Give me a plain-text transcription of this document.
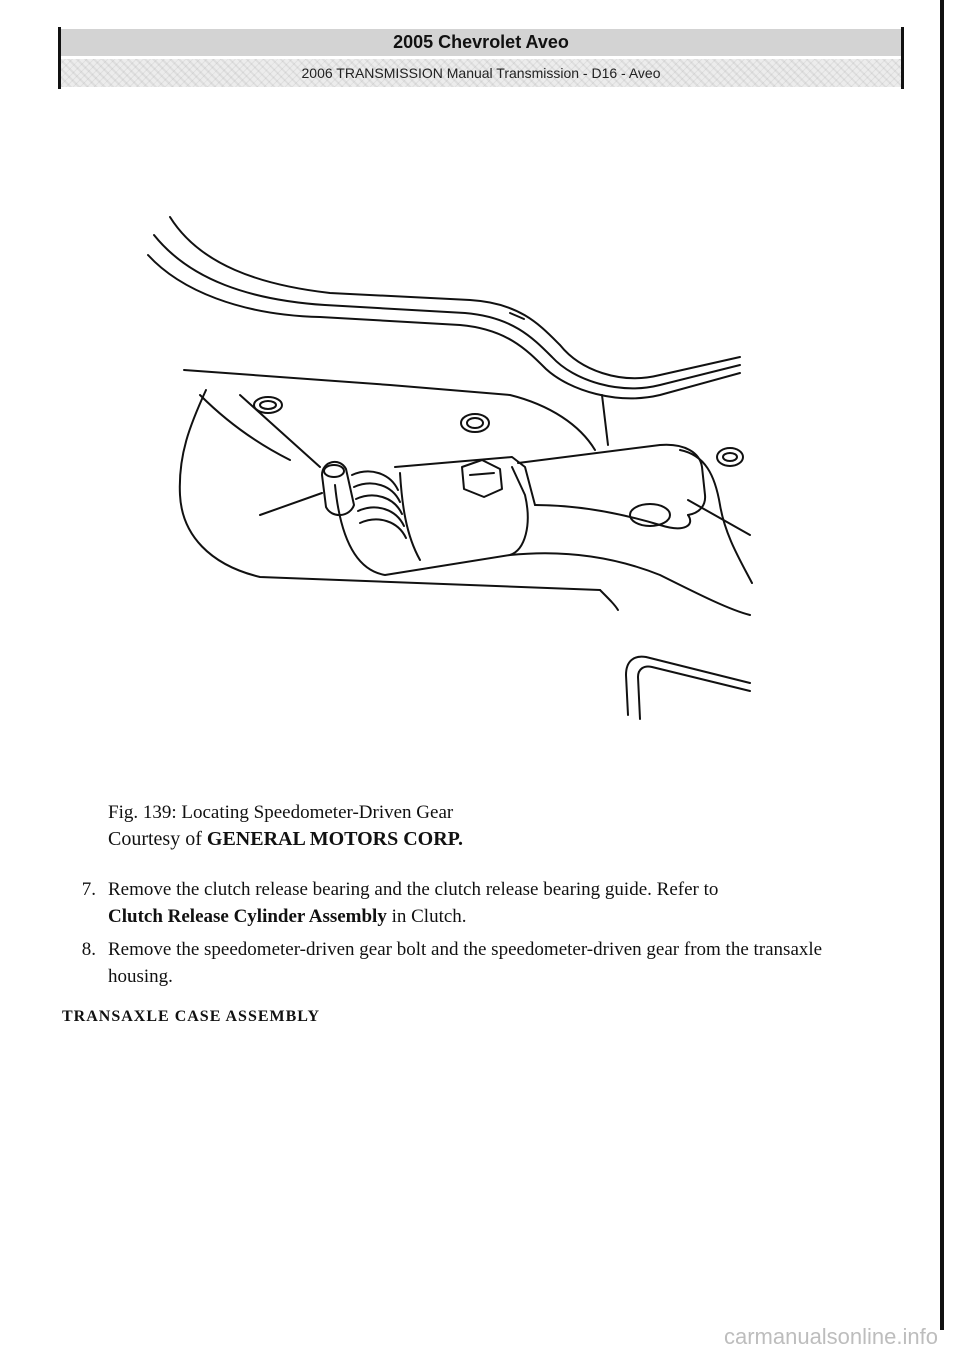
2005 Chevrolet Aveo
2006 TRANSMISSION Manual Transmission - D16 - Aveo
Fig. 139: Locating Speedometer-Driven Gear
Courtesy of GENERAL MOTORS CORP.
7. Remove the clutch release bearing and the clutch release bearing guide. Refer to
Clutch Release Cylinder Assembly in Clutch.
8. Remove the speedometer-driven gear bolt and the speedometer-driven gear from the transaxle housing.
TRANSAXLE CASE ASSEMBLY
carmanualsonline.info
